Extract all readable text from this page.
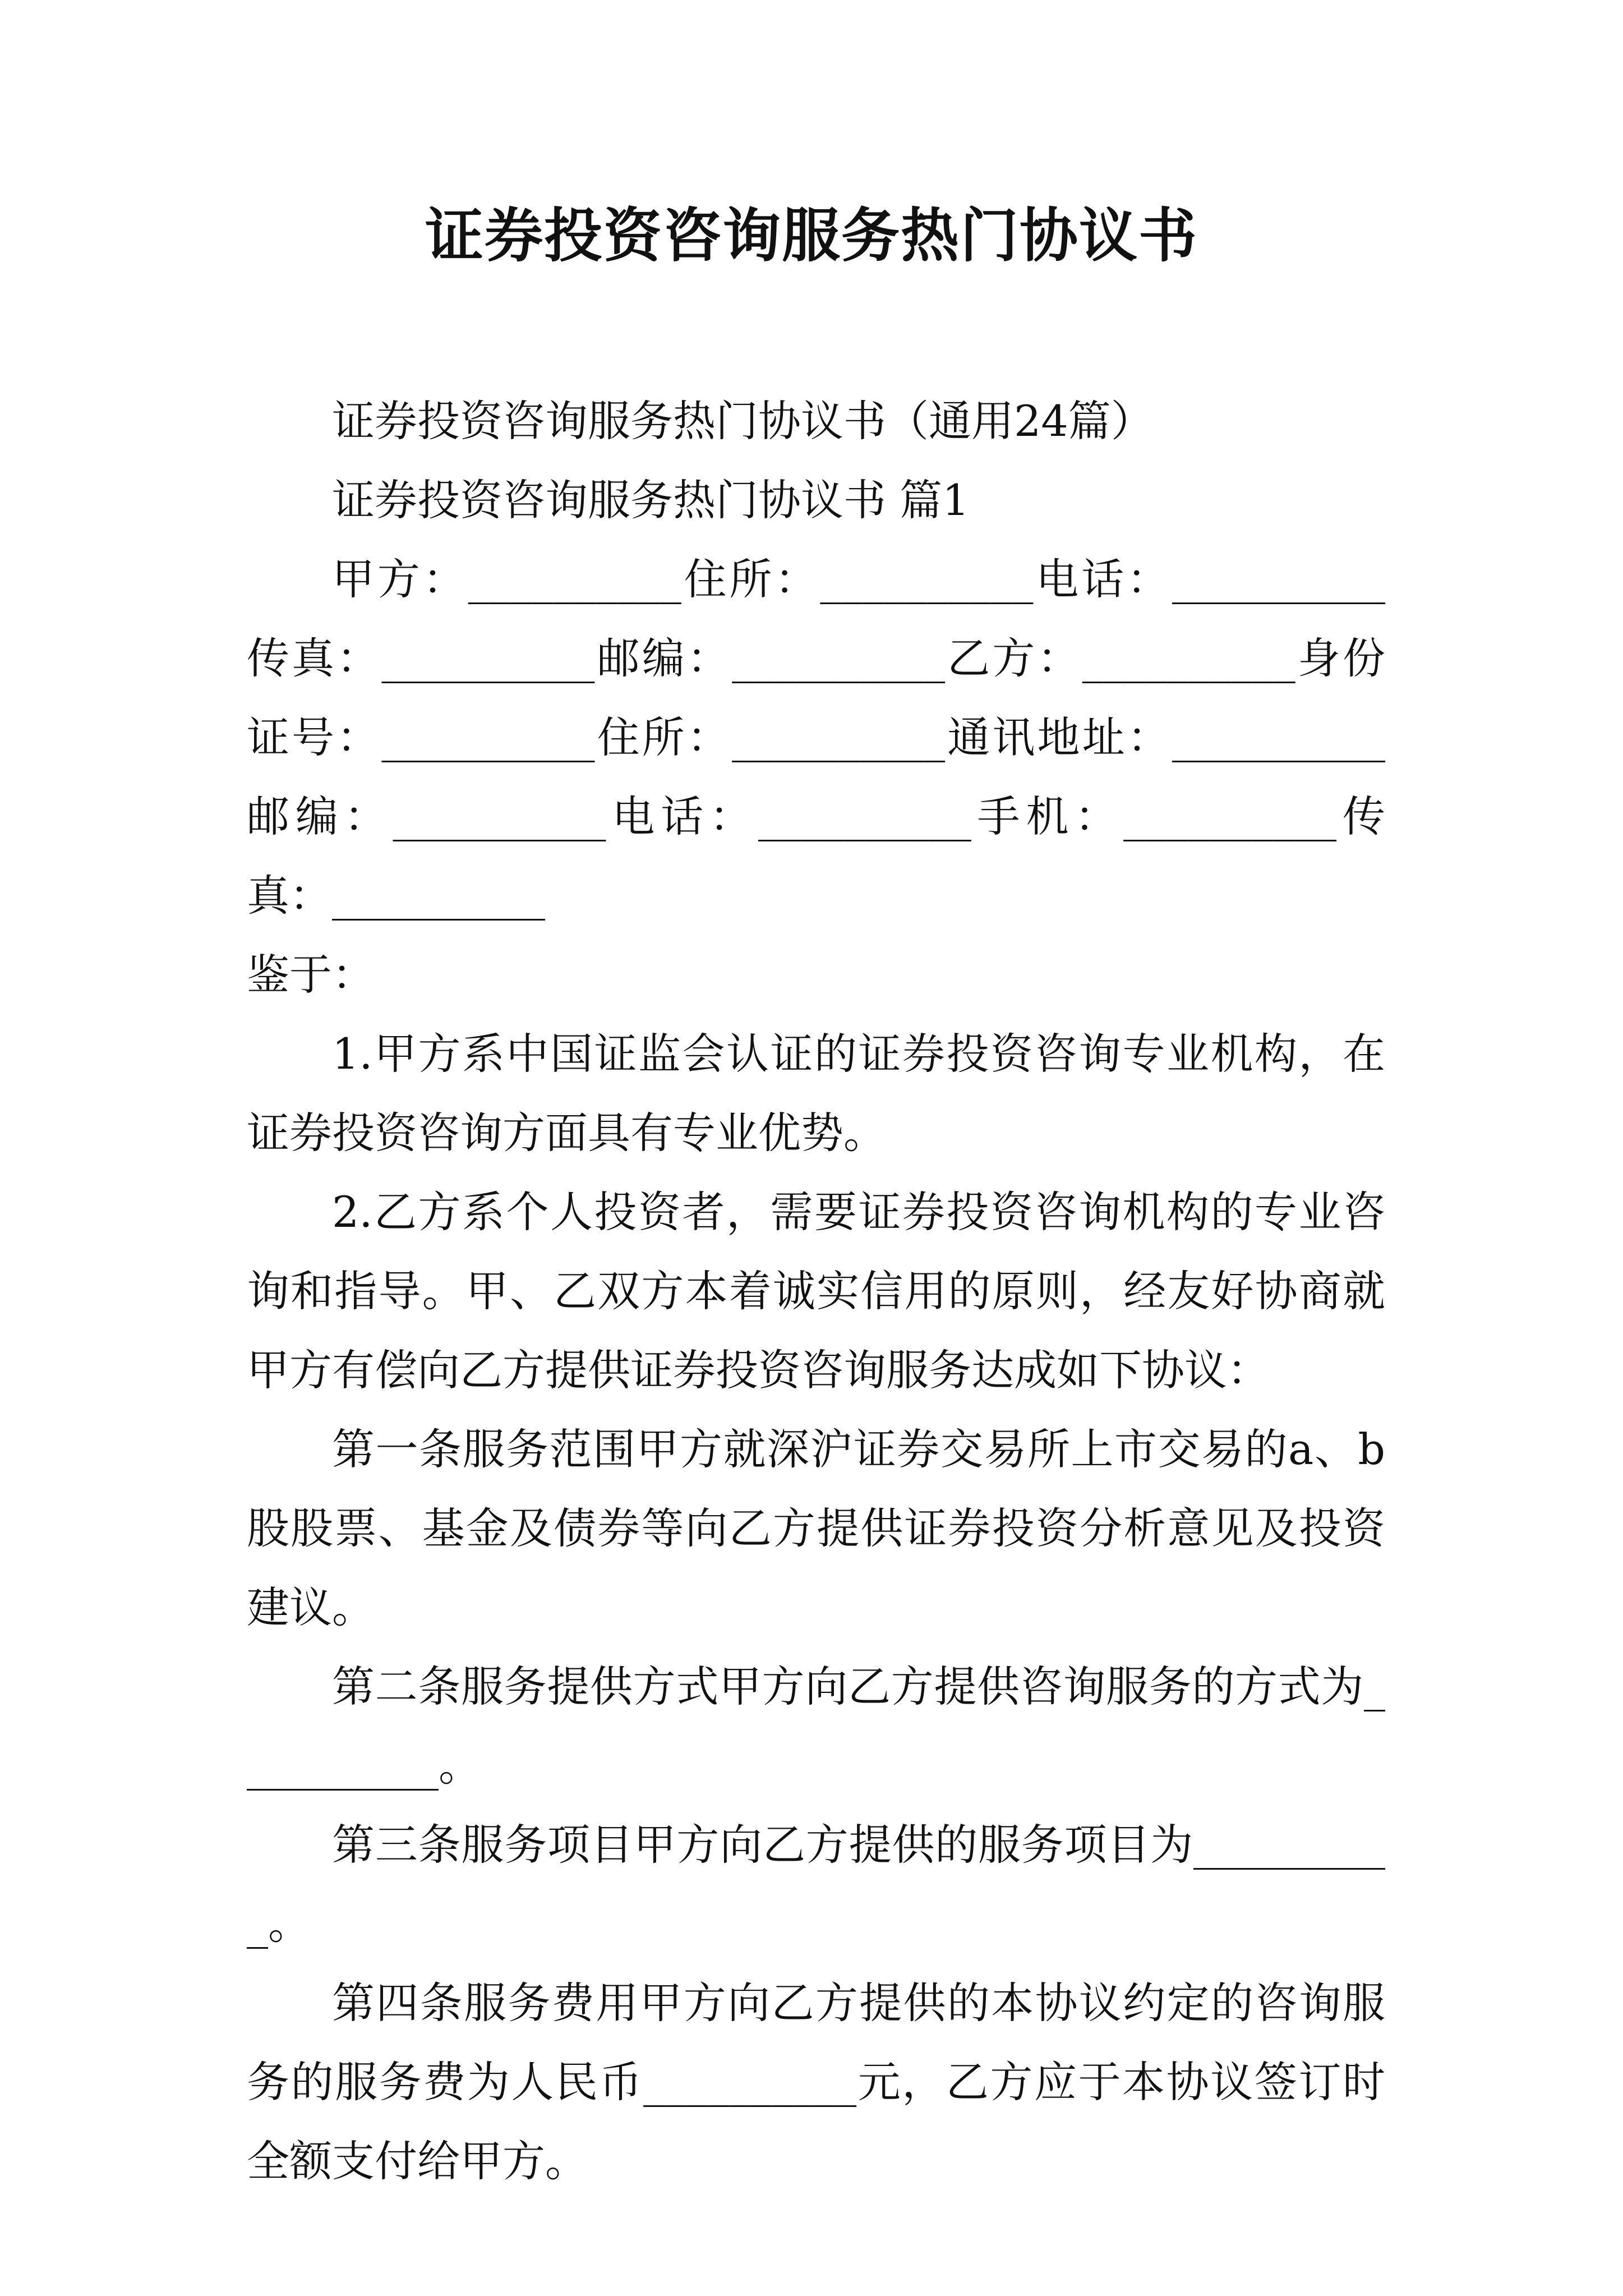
证券投资咨询服务热门协议书

证券投资咨询服务热门协议书（通用24篇）

证券投资咨询服务热门协议书 篇1

甲方：__________住所：__________电话：__________传真：__________邮编：__________乙方：__________身份证号：__________住所：__________通讯地址：__________邮编：__________电话：__________手机：__________传真：__________

鉴于：

1.甲方系中国证监会认证的证券投资咨询专业机构，在证券投资咨询方面具有专业优势。

2.乙方系个人投资者，需要证券投资咨询机构的专业咨询和指导。甲、乙双方本着诚实信用的原则，经友好协商就甲方有偿向乙方提供证券投资咨询服务达成如下协议：

第一条服务范围甲方就深沪证券交易所上市交易的a、b股股票、基金及债券等向乙方提供证券投资分析意见及投资建议。

第二条服务提供方式甲方向乙方提供咨询服务的方式为__________。

第三条服务项目甲方向乙方提供的服务项目为__________。

第四条服务费用甲方向乙方提供的本协议约定的咨询服务的服务费为人民币__________元，乙方应于本协议签订时全额支付给甲方。
